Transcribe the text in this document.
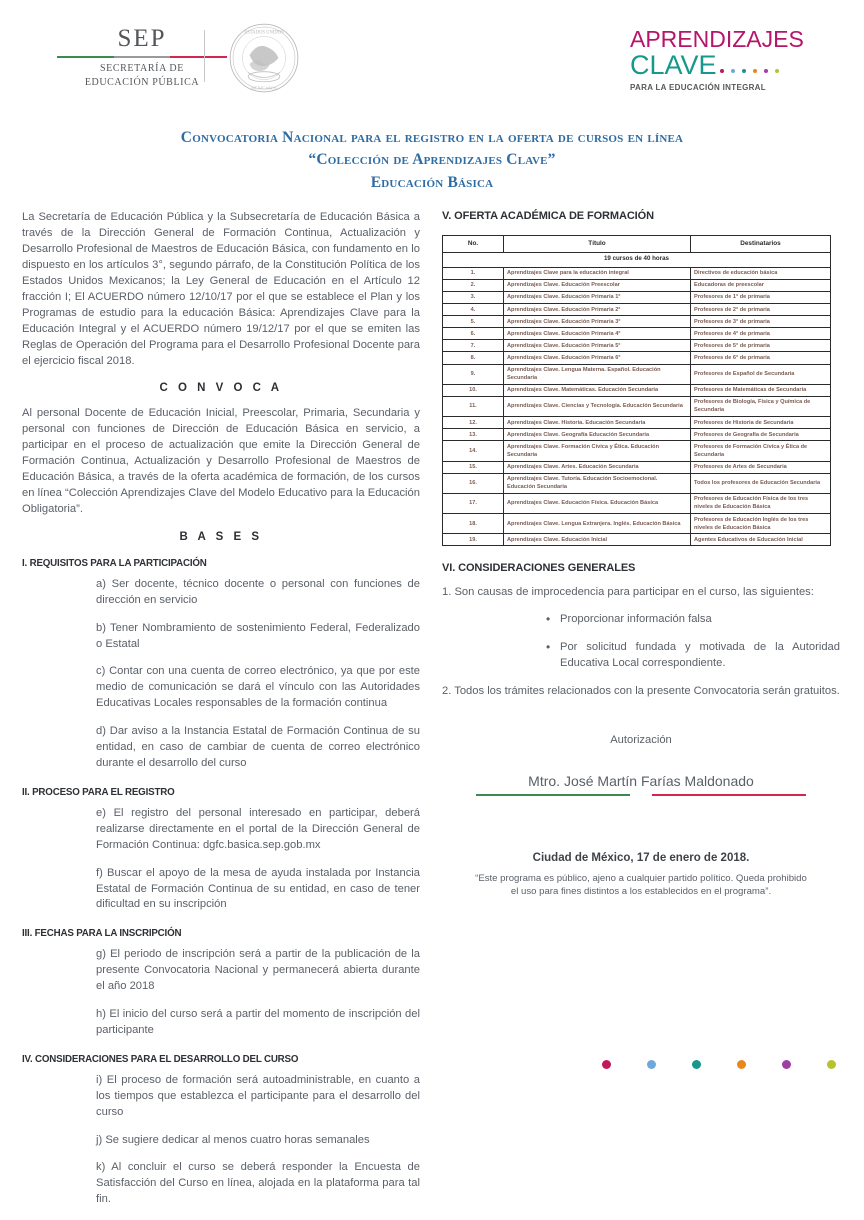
SEP
SECRETARÍA DE
EDUCACIÓN PÚBLICA
ESTADOS UNIDOS
MEXICANOS
APRENDIZAJES
CLAVE
PARA LA EDUCACIÓN INTEGRAL
Convocatoria Nacional para el registro en la oferta de cursos en línea
“Colección de Aprendizajes Clave”
Educación Básica

La Secretaría de Educación Pública y la Subsecretaría de Educación Básica a través de la Dirección General de Formación Continua, Actualización y Desarrollo Profesional de Maestros de Educación Básica, con fundamento en lo dispuesto en los artículos 3°, segundo párrafo, de la Constitución Política de los Estados Unidos Mexicanos; la Ley General de Educación en el Artículo 12 fracción I; El ACUERDO número 12/10/17 por el que se establece el Plan y los Programas de estudio para la educación Básica: Aprendizajes Clave para la Educación Integral y el ACUERDO número 19/12/17 por el que se emiten las Reglas de Operación del Programa para el Desarrollo Profesional Docente para el ejercicio fiscal 2018.

C O N V O C A

Al personal Docente de Educación Inicial, Preescolar, Primaria, Secundaria y personal con funciones de Dirección de Educación Básica en servicio, a participar en el proceso de actualización que emite la Dirección General de Formación Continua, Actualización y Desarrollo Profesional de Maestros de Educación Básica, a través de la oferta académica de formación, de los cursos en línea “Colección Aprendizajes Clave del Modelo Educativo para la Educación Obligatoria”.

B A S E S
I. REQUISITOS PARA LA PARTICIPACIÓN

a) Ser docente, técnico docente o personal con funciones de dirección en servicio

b) Tener Nombramiento de sostenimiento Federal, Federalizado o Estatal

c) Contar con una cuenta de correo electrónico, ya que por este medio de comunicación se dará el vínculo con las Autoridades Educativas Locales responsables de la formación continua

d) Dar aviso a la Instancia Estatal de Formación Continua de su entidad, en caso de cambiar de cuenta de correo electrónico durante el desarrollo del curso

II. PROCESO PARA EL REGISTRO

e) El registro del personal interesado en participar, deberá realizarse directamente en el portal de la Dirección General de Formación Continua: dgfc.basica.sep.gob.mx

f) Buscar el apoyo de la mesa de ayuda instalada por Instancia Estatal de Formación Continua de su entidad, en caso de tener dificultad en su inscripción

III. FECHAS PARA LA INSCRIPCIÓN

g) El periodo de inscripción será a partir de la publicación de la presente Convocatoria Nacional y permanecerá abierta durante el año 2018

h) El inicio del curso será a partir del momento de inscripción del participante

IV. CONSIDERACIONES PARA EL DESARROLLO DEL CURSO

i) El proceso de formación será autoadministrable, en cuanto a los tiempos que establezca el participante para el desarrollo del curso

j) Se sugiere dedicar al menos cuatro horas semanales

k) Al concluir el curso se deberá responder la Encuesta de Satisfacción del Curso en línea, alojada en la plataforma para tal fin.

V. OFERTA ACADÉMICA DE FORMACIÓN
No.	Título	Destinatarios
19 cursos de 40 horas		
1.	Aprendizajes Clave para la educación integral	Directivos de educación básica
2.	Aprendizajes Clave. Educación Preescolar	Educadoras de preescolar
3.	Aprendizajes Clave. Educación Primaria 1°	Profesores de 1° de primaria
4.	Aprendizajes Clave. Educación Primaria 2°	Profesores de 2° de primaria
5.	Aprendizajes Clave. Educación Primaria 3°	Profesores de 3° de primaria
6.	Aprendizajes Clave. Educación Primaria 4°	Profesores de 4° de primaria
7.	Aprendizajes Clave. Educación Primaria 5°	Profesores de 5° de primaria
8.	Aprendizajes Clave. Educación Primaria 6°	Profesores de 6° de primaria
9.	Aprendizajes Clave. Lengua Materna. Español. Educación Secundaria	Profesores de Español de Secundaria
10.	Aprendizajes Clave. Matemáticas. Educación Secundaria	Profesores de Matemáticas de Secundaria
11.	Aprendizajes Clave. Ciencias y Tecnología. Educación Secundaria	Profesores de Biología, Física y Química de Secundaria
12.	Aprendizajes Clave. Historia. Educación Secundaria	Profesores de Historia de Secundaria
13.	Aprendizajes Clave. Geografía Educación Secundaria	Profesores de Geografía de Secundaria
14.	Aprendizajes Clave. Formación Cívica y Ética. Educación Secundaria	Profesores de Formación Cívica y Ética de Secundaria
15.	Aprendizajes Clave. Artes. Educación Secundaria	Profesores de Artes de Secundaria
16.	Aprendizajes Clave. Tutoría. Educación Socioemocional. Educación Secundaria	Todos los profesores de Educación Secundaria
17.	Aprendizajes Clave. Educación Física. Educación Básica	Profesores de Educación Física de los tres niveles de Educación Básica
18.	Aprendizajes Clave. Lengua Extranjera. Inglés. Educación Básica	Profesores de Educación Inglés de los tres niveles de Educación Básica
19.	Aprendizajes Clave. Educación Inicial	Agentes Educativos de Educación Inicial
VI. CONSIDERACIONES GENERALES

1. Son causas de improcedencia para participar en el curso, las siguientes:

• Proporcionar información falsa
• Por solicitud fundada y motivada de la Autoridad Educativa Local correspondiente.

2. Todos los trámites relacionados con la presente Convocatoria serán gratuitos.

Autorización
Mtro. José Martín Farías Maldonado
Ciudad de México, 17 de enero de 2018.
“Este programa es público, ajeno a cualquier partido político. Queda prohibido el uso para fines distintos a los establecidos en el programa”.
